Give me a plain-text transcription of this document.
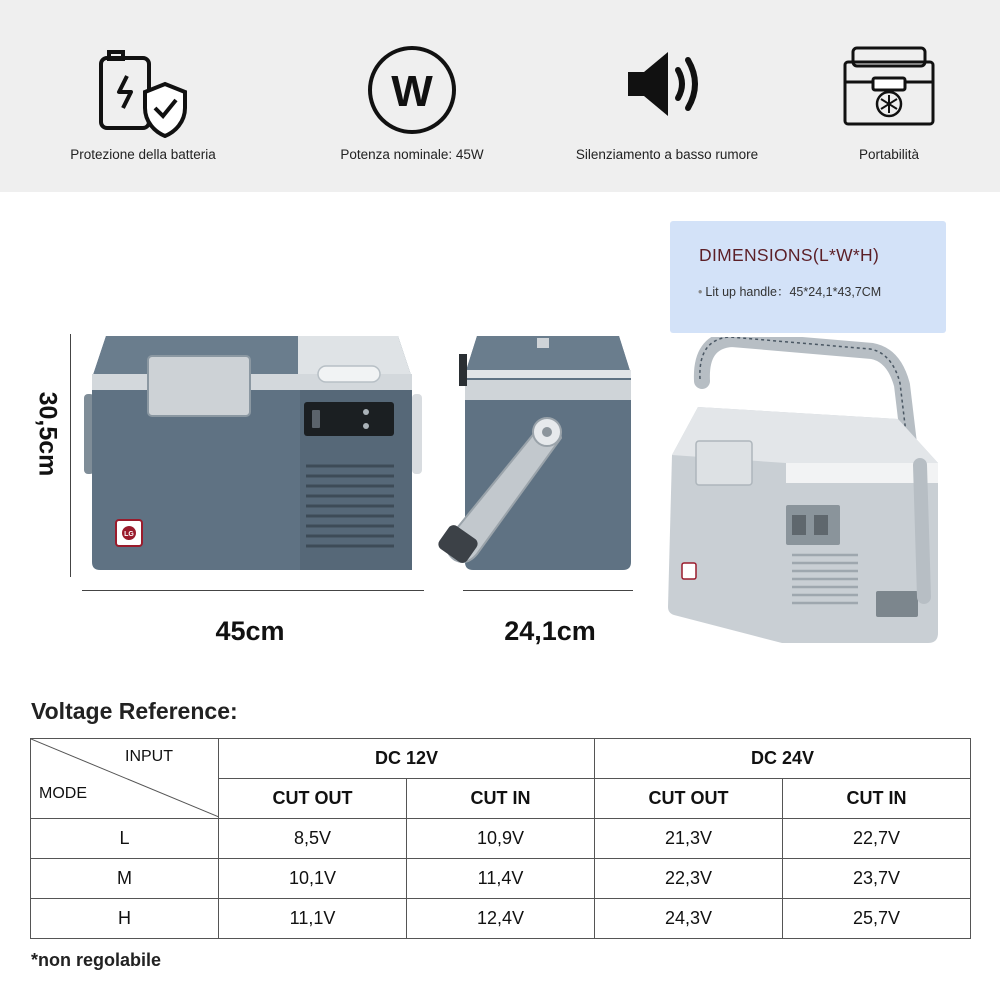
Protezione della batteria
W
Potenza nominale: 45W	Silenziamento a basso rumore	Portabilità
DIMENSIONS(L*W*H)
• Lit up handle：45*24,1*43,7CM
30,5cm
LG
45cm	24,1cm
Voltage Reference:
INPUT
MODE	DC 12V		DC 24V	
	CUT OUT	CUT IN	CUT OUT	CUT IN
L	8,5V	10,9V	21,3V	22,7V
M	10,1V	11,4V	22,3V	23,7V
H	11,1V	12,4V	24,3V	25,7V
*non regolabile
